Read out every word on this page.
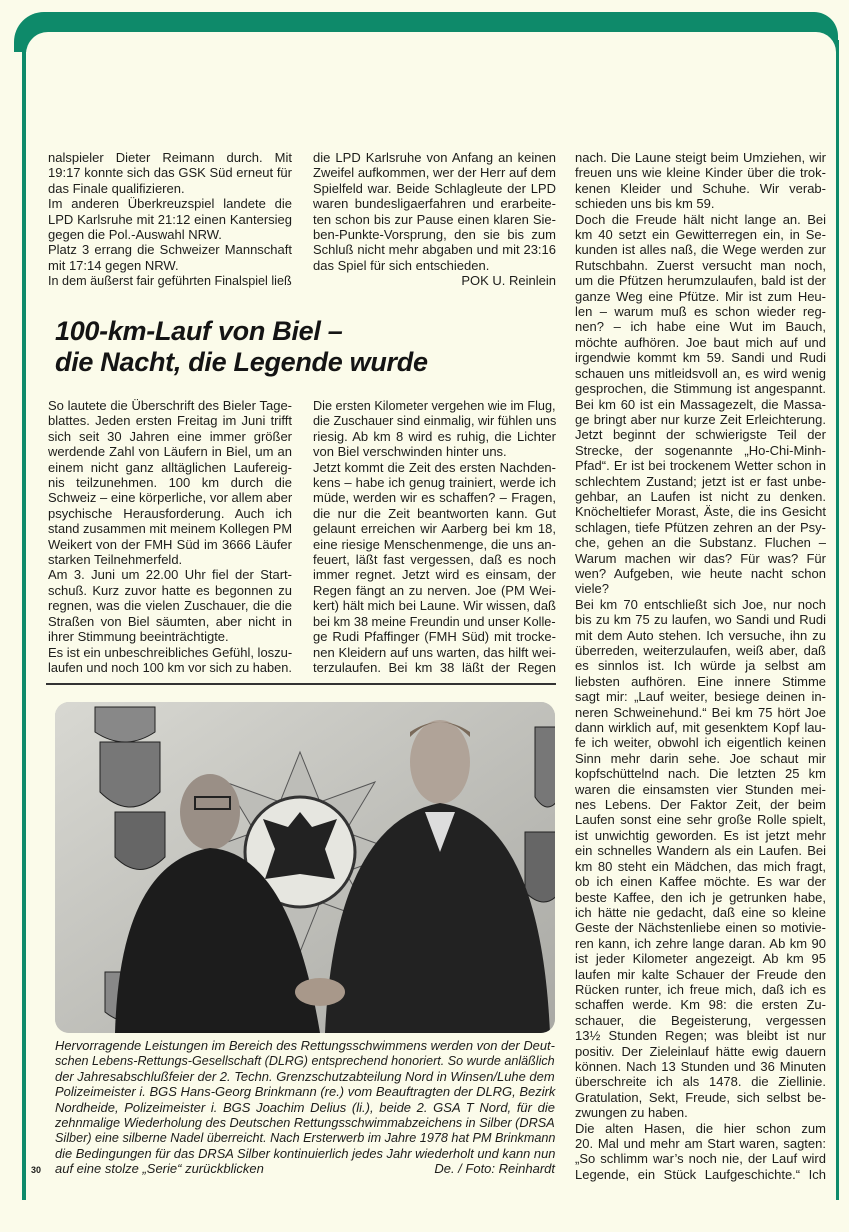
nalspieler Dieter Reimann durch. Mit
19:17 konnte sich das GSK Süd erneut für
das Finale qualifizieren.
Im anderen Überkreuzspiel landete die
LPD Karlsruhe mit 21:12 einen Kantersieg
gegen die Pol.-Auswahl NRW.
Platz 3 errang die Schweizer Mannschaft
mit 17:14 gegen NRW.
In dem äußerst fair geführten Finalspiel ließ
die LPD Karlsruhe von Anfang an keinen
Zweifel aufkommen, wer der Herr auf dem
Spielfeld war. Beide Schlagleute der LPD
waren bundesligaerfahren und erarbeite-
ten schon bis zur Pause einen klaren Sie-
ben-Punkte-Vorsprung, den sie bis zum
Schluß nicht mehr abgaben und mit 23:16
das Spiel für sich entschieden.
POK U. Reinlein
100-km-Lauf von Biel –
die Nacht, die Legende wurde
So lautete die Überschrift des Bieler Tage-
blattes. Jeden ersten Freitag im Juni trifft
sich seit 30 Jahren eine immer größer
werdende Zahl von Läufern in Biel, um an
einem nicht ganz alltäglichen Laufereig-
nis teilzunehmen. 100 km durch die
Schweiz – eine körperliche, vor allem aber
psychische Herausforderung. Auch ich
stand zusammen mit meinem Kollegen PM
Weikert von der FMH Süd im 3666 Läufer
starken Teilnehmerfeld.
Am 3. Juni um 22.00 Uhr fiel der Start-
schuß. Kurz zuvor hatte es begonnen zu
regnen, was die vielen Zuschauer, die die
Straßen von Biel säumten, aber nicht in
ihrer Stimmung beeinträchtigte.
Es ist ein unbeschreibliches Gefühl, loszu-
laufen und noch 100 km vor sich zu haben.
Die ersten Kilometer vergehen wie im Flug,
die Zuschauer sind einmalig, wir fühlen uns
riesig. Ab km 8 wird es ruhig, die Lichter
von Biel verschwinden hinter uns.
Jetzt kommt die Zeit des ersten Nachden-
kens – habe ich genug trainiert, werde ich
müde, werden wir es schaffen? – Fragen,
die nur die Zeit beantworten kann. Gut
gelaunt erreichen wir Aarberg bei km 18,
eine riesige Menschenmenge, die uns an-
feuert, läßt fast vergessen, daß es noch
immer regnet. Jetzt wird es einsam, der
Regen fängt an zu nerven. Joe (PM Wei-
kert) hält mich bei Laune. Wir wissen, daß
bei km 38 meine Freundin und unser Kolle-
ge Rudi Pfaffinger (FMH Süd) mit trocke-
nen Kleidern auf uns warten, das hilft wei-
terzulaufen. Bei km 38 läßt der Regen
nach. Die Laune steigt beim Umziehen, wir
freuen uns wie kleine Kinder über die trok-
kenen Kleider und Schuhe. Wir verab-
schieden uns bis km 59.
Doch die Freude hält nicht lange an. Bei
km 40 setzt ein Gewitterregen ein, in Se-
kunden ist alles naß, die Wege werden zur
Rutschbahn. Zuerst versucht man noch,
um die Pfützen herumzulaufen, bald ist der
ganze Weg eine Pfütze. Mir ist zum Heu-
len – warum muß es schon wieder reg-
nen? – ich habe eine Wut im Bauch,
möchte aufhören. Joe baut mich auf und
irgendwie kommt km 59. Sandi und Rudi
schauen uns mitleidsvoll an, es wird wenig
gesprochen, die Stimmung ist angespannt.
Bei km 60 ist ein Massagezelt, die Massa-
ge bringt aber nur kurze Zeit Erleichterung.
Jetzt beginnt der schwierigste Teil der
Strecke, der sogenannte „Ho-Chi-Minh-
Pfad“. Er ist bei trockenem Wetter schon in
schlechtem Zustand; jetzt ist er fast unbe-
gehbar, an Laufen ist nicht zu denken.
Knöcheltiefer Morast, Äste, die ins Gesicht
schlagen, tiefe Pfützen zehren an der Psy-
che, gehen an die Substanz. Fluchen –
Warum machen wir das? Für was? Für
wen? Aufgeben, wie heute nacht schon
viele?
Bei km 70 entschließt sich Joe, nur noch
bis zu km 75 zu laufen, wo Sandi und Rudi
mit dem Auto stehen. Ich versuche, ihn zu
überreden, weiterzulaufen, weiß aber, daß
es sinnlos ist. Ich würde ja selbst am
liebsten aufhören. Eine innere Stimme
sagt mir: „Lauf weiter, besiege deinen in-
neren Schweinehund.“ Bei km 75 hört Joe
dann wirklich auf, mit gesenktem Kopf lau-
fe ich weiter, obwohl ich eigentlich keinen
Sinn mehr darin sehe. Joe schaut mir
kopfschüttelnd nach. Die letzten 25 km
waren die einsamsten vier Stunden mei-
nes Lebens. Der Faktor Zeit, der beim
Laufen sonst eine sehr große Rolle spielt,
ist unwichtig geworden. Es ist jetzt mehr
ein schnelles Wandern als ein Laufen. Bei
km 80 steht ein Mädchen, das mich fragt,
ob ich einen Kaffee möchte. Es war der
beste Kaffee, den ich je getrunken habe,
ich hätte nie gedacht, daß eine so kleine
Geste der Nächstenliebe einen so motivie-
ren kann, ich zehre lange daran. Ab km 90
ist jeder Kilometer angezeigt. Ab km 95
laufen mir kalte Schauer der Freude den
Rücken runter, ich freue mich, daß ich es
schaffen werde. Km 98: die ersten Zu-
schauer, die Begeisterung, vergessen
13½ Stunden Regen; was bleibt ist nur
positiv. Der Zieleinlauf hätte ewig dauern
können. Nach 13 Stunden und 36 Minuten
überschreite ich als 1478. die Ziellinie.
Gratulation, Sekt, Freude, sich selbst be-
zwungen zu haben.
Die alten Hasen, die hier schon zum
20. Mal und mehr am Start waren, sagten:
„So schlimm war’s noch nie, der Lauf wird
Legende, ein Stück Laufgeschichte.“ Ich
Hervorragende Leistungen im Bereich des Rettungsschwimmens werden von der Deut-
schen Lebens-Rettungs-Gesellschaft (DLRG) entsprechend honoriert. So wurde anläßlich
der Jahresabschlußfeier der 2. Techn. Grenzschutzabteilung Nord in Winsen/Luhe dem
Polizeimeister i. BGS Hans-Georg Brinkmann (re.) vom Beauftragten der DLRG, Bezirk
Nordheide, Polizeimeister i. BGS Joachim Delius (li.), beide 2. GSA T Nord, für die
zehnmalige Wiederholung des Deutschen Rettungsschwimmabzeichens in Silber (DRSA
Silber) eine silberne Nadel überreicht. Nach Ersterwerb im Jahre 1978 hat PM Brinkmann
die Bedingungen für das DRSA Silber kontinuierlich jedes Jahr wiederholt und kann nun
auf eine stolze „Serie“ zurückblicken	De. / Foto: Reinhardt
30
